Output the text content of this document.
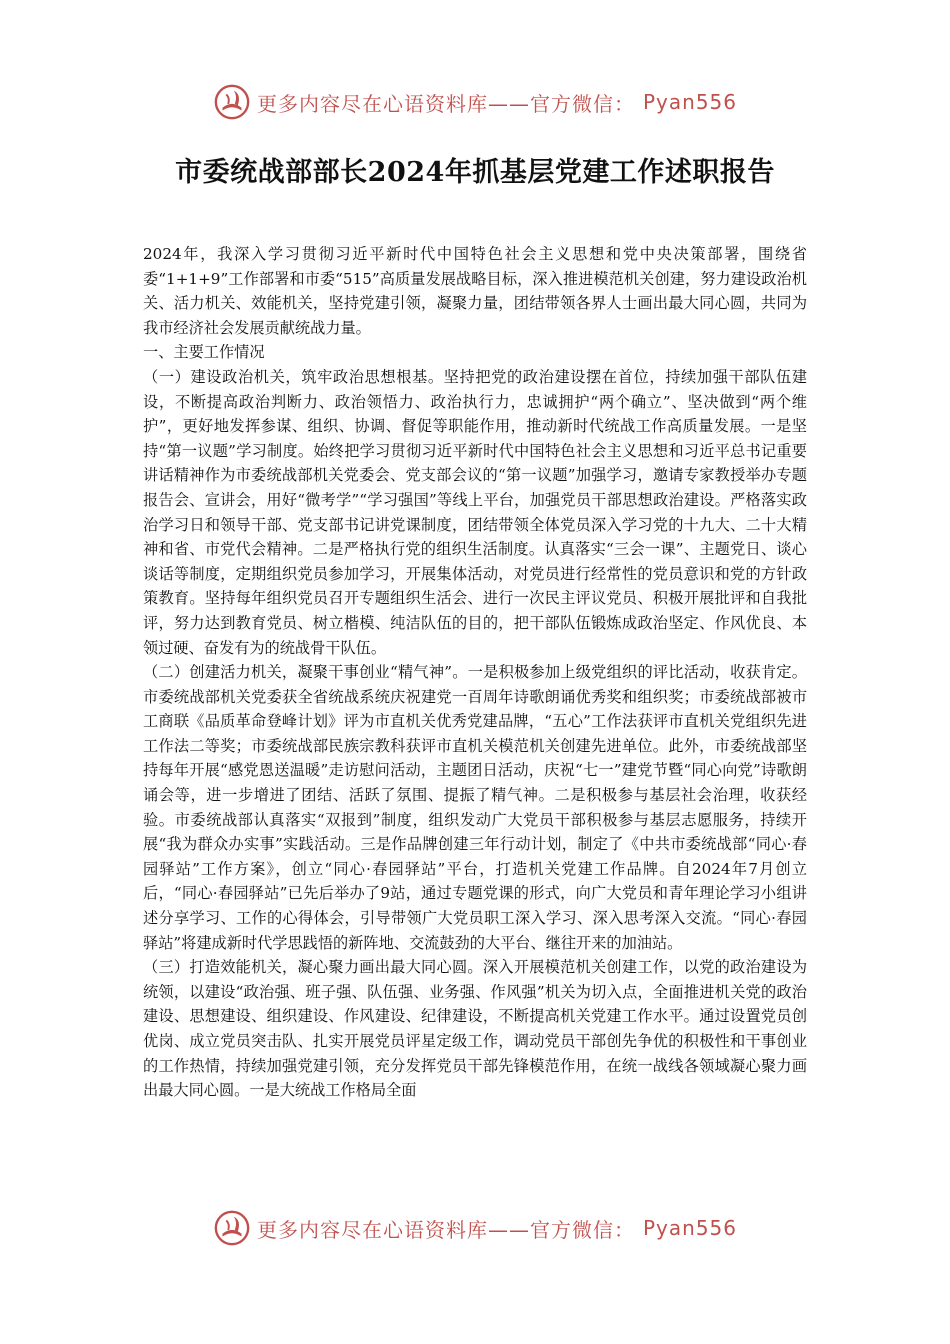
更多内容尽在心语资料库——官方微信： Pyan556
市委统战部部长2024年抓基层党建工作述职报告

2024年，我深入学习贯彻习近平新时代中国特色社会主义思想和党中央决策部署，围绕省委“1+1+9”工作部署和市委“515”高质量发展战略目标，深入推进模范机关创建，努力建设政治机关、活力机关、效能机关，坚持党建引领，凝聚力量，团结带领各界人士画出最大同心圆，共同为我市经济社会发展贡献统战力量。

一、主要工作情况

（一）建设政治机关，筑牢政治思想根基。坚持把党的政治建设摆在首位，持续加强干部队伍建设，不断提高政治判断力、政治领悟力、政治执行力，忠诚拥护“两个确立”、坚决做到“两个维护”，更好地发挥参谋、组织、协调、督促等职能作用，推动新时代统战工作高质量发展。一是坚持“第一议题”学习制度。始终把学习贯彻习近平新时代中国特色社会主义思想和习近平总书记重要讲话精神作为市委统战部机关党委会、党支部会议的“第一议题”加强学习，邀请专家教授举办专题报告会、宣讲会，用好“微考学”“学习强国”等线上平台，加强党员干部思想政治建设。严格落实政治学习日和领导干部、党支部书记讲党课制度，团结带领全体党员深入学习党的十九大、二十大精神和省、市党代会精神。二是严格执行党的组织生活制度。认真落实“三会一课”、主题党日、谈心谈话等制度，定期组织党员参加学习，开展集体活动，对党员进行经常性的党员意识和党的方针政策教育。坚持每年组织党员召开专题组织生活会、进行一次民主评议党员、积极开展批评和自我批评，努力达到教育党员、树立楷模、纯洁队伍的目的，把干部队伍锻炼成政治坚定、作风优良、本领过硬、奋发有为的统战骨干队伍。

（二）创建活力机关，凝聚干事创业“精气神”。一是积极参加上级党组织的评比活动，收获肯定。市委统战部机关党委获全省统战系统庆祝建党一百周年诗歌朗诵优秀奖和组织奖；市委统战部被市工商联《品质革命登峰计划》评为市直机关优秀党建品牌，“五心”工作法获评市直机关党组织先进工作法二等奖；市委统战部民族宗教科获评市直机关模范机关创建先进单位。此外，市委统战部坚持每年开展“感党恩送温暖”走访慰问活动，主题团日活动，庆祝“七一”建党节暨“同心向党”诗歌朗诵会等，进一步增进了团结、活跃了氛围、提振了精气神。二是积极参与基层社会治理，收获经验。市委统战部认真落实“双报到”制度，组织发动广大党员干部积极参与基层志愿服务，持续开展“我为群众办实事”实践活动。三是作品牌创建三年行动计划，制定了《中共市委统战部“同心·春园驿站”工作方案》，创立“同心·春园驿站”平台，打造机关党建工作品牌。自2024年7月创立后，“同心·春园驿站”已先后举办了9站，通过专题党课的形式，向广大党员和青年理论学习小组讲述分享学习、工作的心得体会，引导带领广大党员职工深入学习、深入思考深入交流。“同心·春园驿站”将建成新时代学思践悟的新阵地、交流鼓劲的大平台、继往开来的加油站。

（三）打造效能机关，凝心聚力画出最大同心圆。深入开展模范机关创建工作，以党的政治建设为统领，以建设“政治强、班子强、队伍强、业务强、作风强”机关为切入点，全面推进机关党的政治建设、思想建设、组织建设、作风建设、纪律建设，不断提高机关党建工作水平。通过设置党员创优岗、成立党员突击队、扎实开展党员评星定级工作，调动党员干部创先争优的积极性和干事创业的工作热情，持续加强党建引领，充分发挥党员干部先锋模范作用，在统一战线各领域凝心聚力画出最大同心圆。一是大统战工作格局全面

更多内容尽在心语资料库——官方微信： Pyan556
